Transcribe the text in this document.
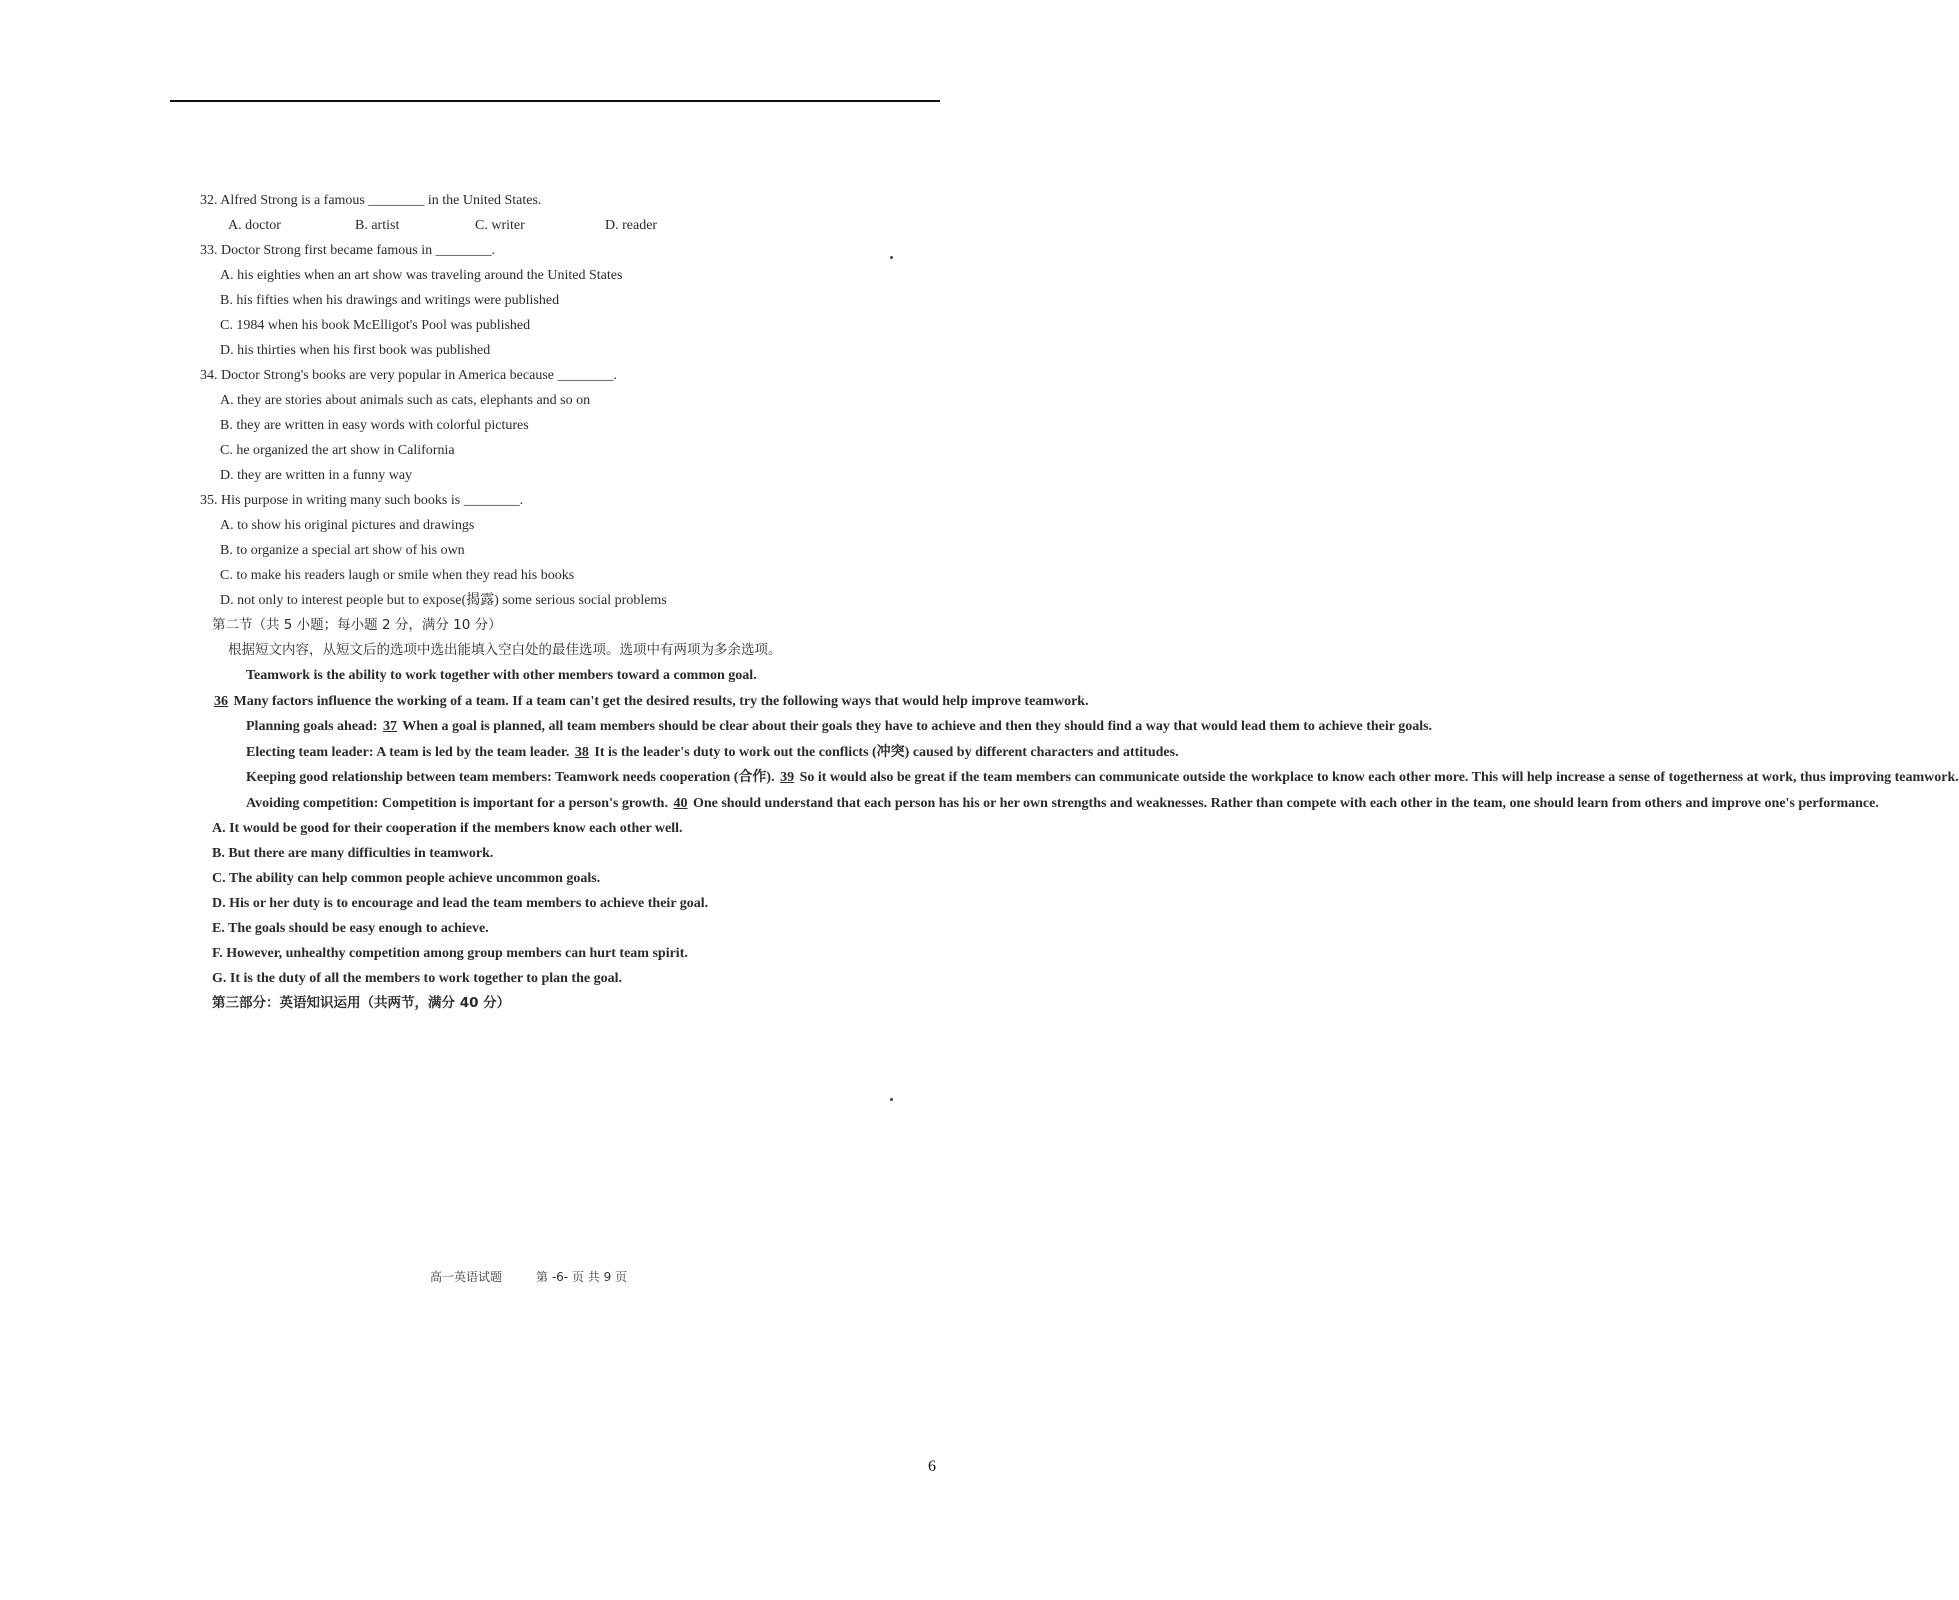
32. Alfred Strong is a famous ________ in the United States.

A. doctor	B. artist	C. writer	D. reader

33. Doctor Strong first became famous in ________.

A. his eighties when an art show was traveling around the United States

B. his fifties when his drawings and writings were published

C. 1984 when his book McElligot's Pool was published

D. his thirties when his first book was published

34. Doctor Strong's books are very popular in America because ________.

A. they are stories about animals such as cats, elephants and so on

B. they are written in easy words with colorful pictures

C. he organized the art show in California

D. they are written in a funny way

35. His purpose in writing many such books is ________.

A. to show his original pictures and drawings

B. to organize a special art show of his own

C. to make his readers laugh or smile when they read his books

D. not only to interest people but to expose(揭露) some serious social problems

第二节（共 5 小题；每小题 2 分，满分 10 分）

根据短文内容，从短文后的选项中选出能填入空白处的最佳选项。选项中有两项为多余选项。

Teamwork is the ability to work together with other members toward a common goal.

36 Many factors influence the working of a team. If a team can't get the desired results, try the following ways that would help improve teamwork.

Planning goals ahead: 37 When a goal is planned, all team members should be clear about their goals they have to achieve and then they should find a way that would lead them to achieve their goals.

Electing team leader: A team is led by the team leader. 38 It is the leader's duty to work out the conflicts (冲突) caused by different characters and attitudes.

Keeping good relationship between team members: Teamwork needs cooperation (合作). 39 So it would also be great if the team members can communicate outside the workplace to know each other more. This will help increase a sense of togetherness at work, thus improving teamwork.

Avoiding competition: Competition is important for a person's growth. 40 One should understand that each person has his or her own strengths and weaknesses. Rather than compete with each other in the team, one should learn from others and improve one's performance.

A. It would be good for their cooperation if the members know each other well.

B. But there are many difficulties in teamwork.

C. The ability can help common people achieve uncommon goals.

D. His or her duty is to encourage and lead the team members to achieve their goal.

E. The goals should be easy enough to achieve.

F. However, unhealthy competition among group members can hurt team spirit.

G. It is the duty of all the members to work together to plan the goal.

第三部分：英语知识运用（共两节，满分 40 分）

高一英语试题	第 -6- 页 共 9 页
6
